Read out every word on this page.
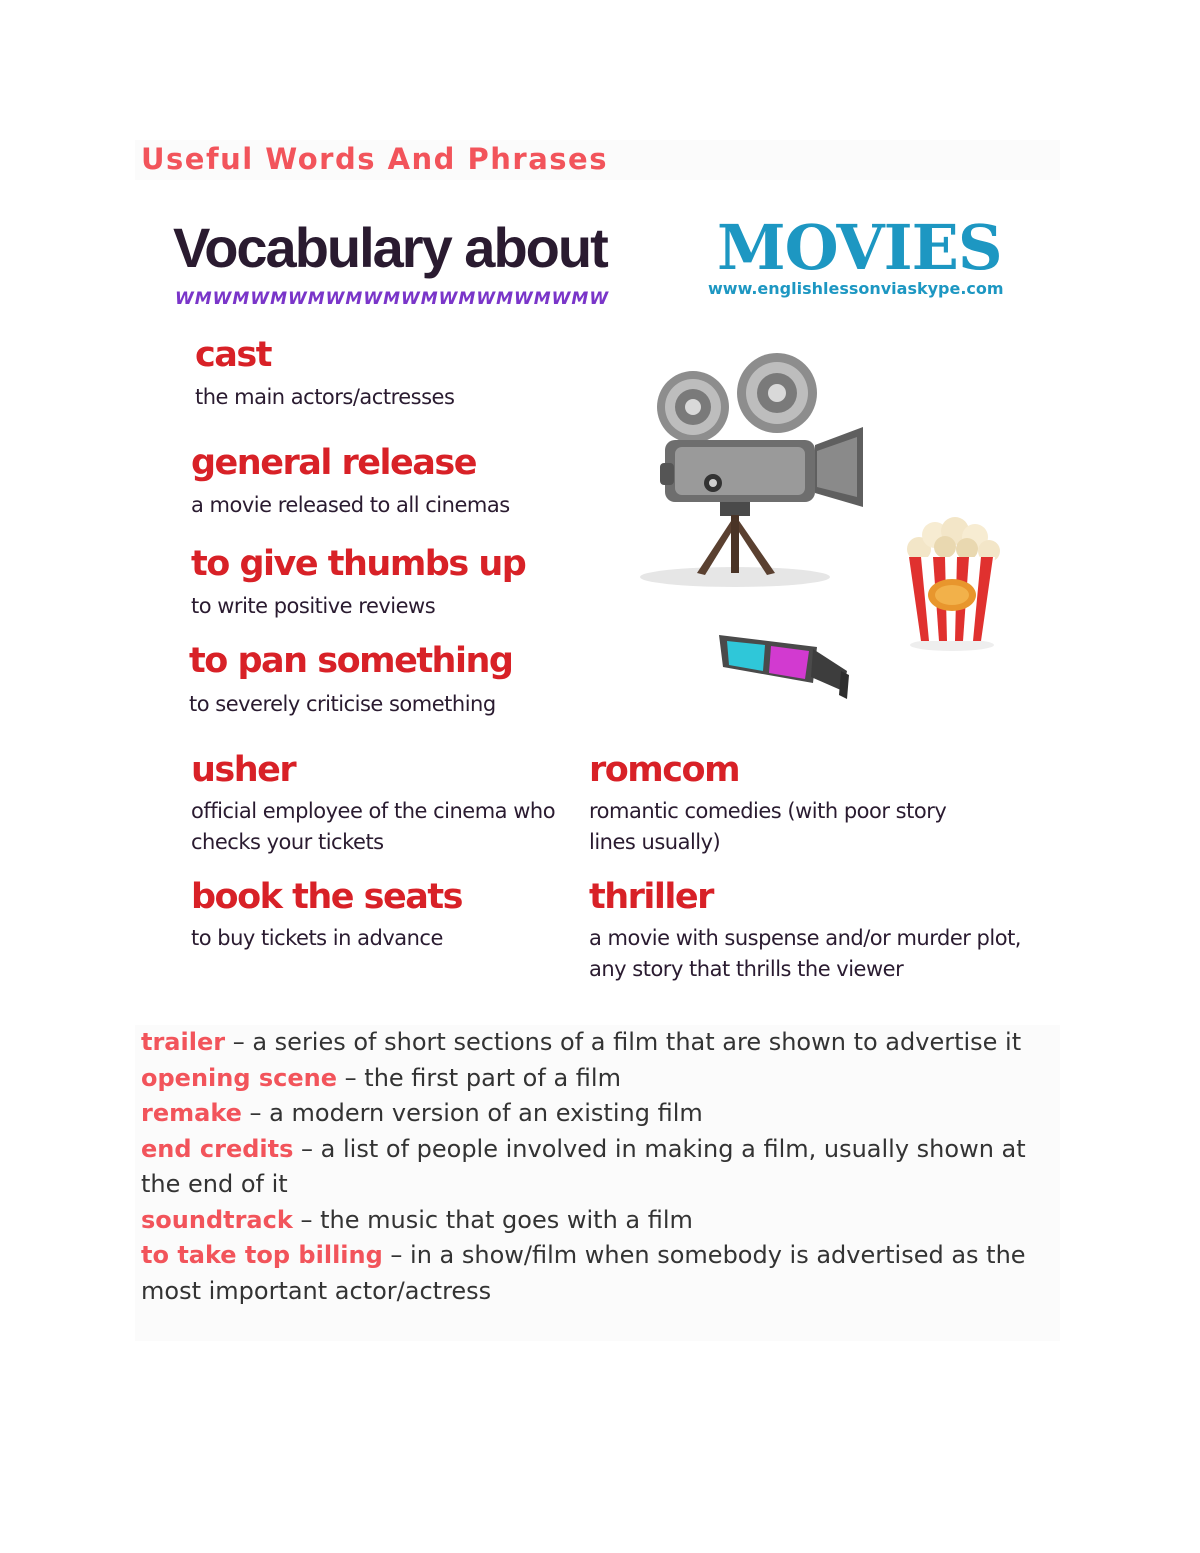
Useful Words And Phrases
Vocabulary about MOVIES
WMWMWMWMWMWMWMWMWMWMWMW
www.englishlessonviaskype.com
cast
the main actors/actresses
general release
a movie released to all cinemas
to give thumbs up
to write positive reviews
to pan something
to severely criticise something
usher
official employee of the cinema who checks your tickets
book the seats
to buy tickets in advance
romcom
romantic comedies (with poor story lines usually)
thriller
a movie with suspense and/or murder plot, any story that thrills the viewer

trailer – a series of short sections of a film that are shown to advertise it

opening scene – the first part of a film

remake – a modern version of an existing film

end credits – a list of people involved in making a film, usually shown at the end of it

soundtrack – the music that goes with a film

to take top billing – in a show/film when somebody is advertised as the most important actor/actress
